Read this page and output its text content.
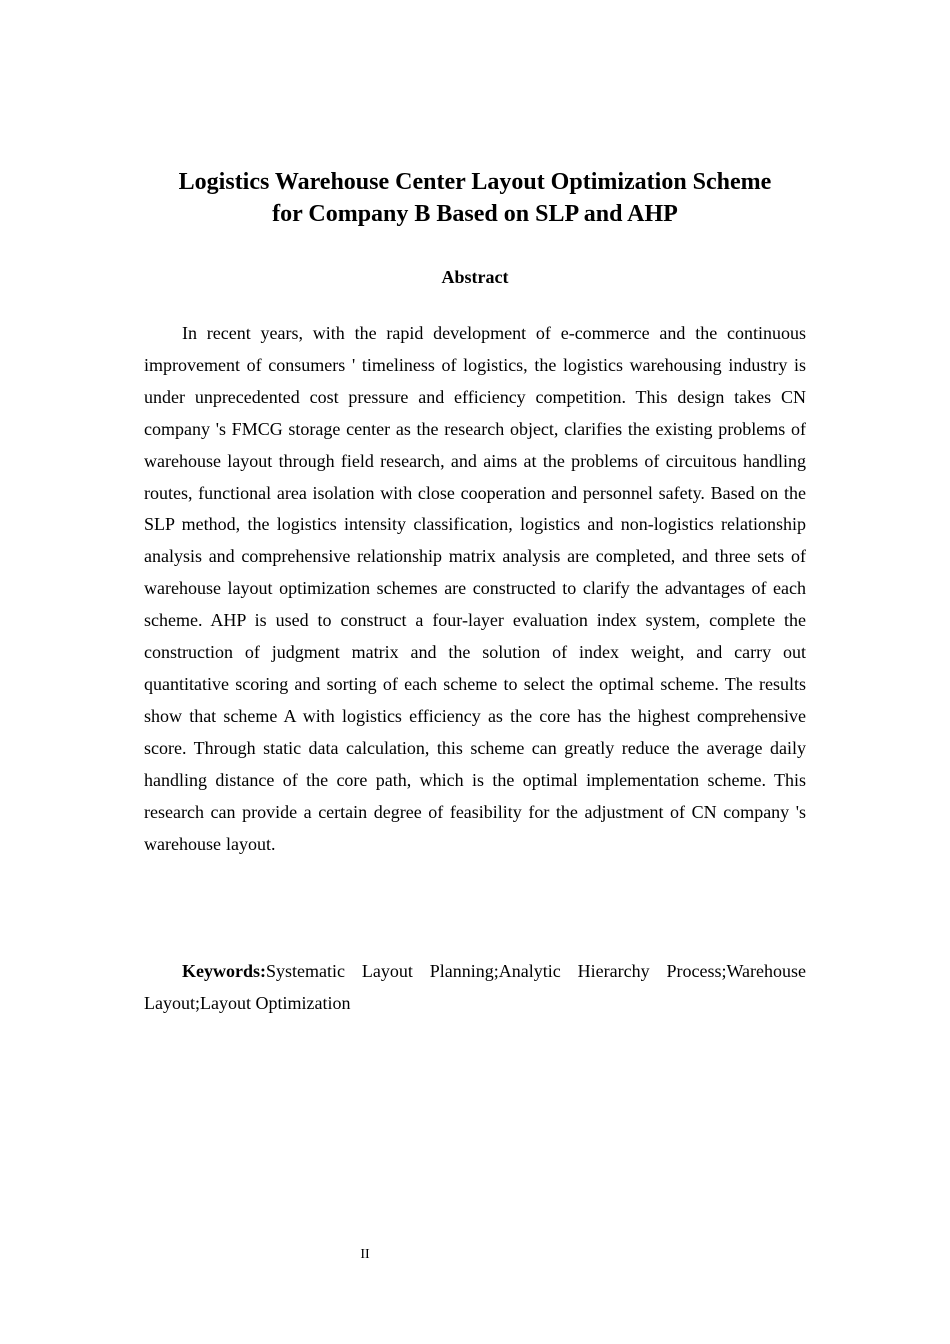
Logistics Warehouse Center Layout Optimization Scheme
for Company B Based on SLP and AHP
Abstract

In recent years, with the rapid development of e-commerce and the continuous improvement of consumers ' timeliness of logistics, the logistics warehousing industry is under unprecedented cost pressure and efficiency competition. This design takes CN company 's FMCG storage center as the research object, clarifies the existing problems of warehouse layout through field research, and aims at the problems of circuitous handling routes, functional area isolation with close cooperation and personnel safety. Based on the SLP method, the logistics intensity classification, logistics and non-logistics relationship analysis and comprehensive relationship matrix analysis are completed, and three sets of warehouse layout optimization schemes are constructed to clarify the advantages of each scheme. AHP is used to construct a four-layer evaluation index system, complete the construction of judgment matrix and the solution of index weight, and carry out quantitative scoring and sorting of each scheme to select the optimal scheme. The results show that scheme A with logistics efficiency as the core has the highest comprehensive score. Through static data calculation, this scheme can greatly reduce the average daily handling distance of the core path, which is the optimal implementation scheme. This research can provide a certain degree of feasibility for the adjustment of CN company 's warehouse layout.

Keywords:Systematic Layout Planning;Analytic Hierarchy Process;Warehouse Layout;Layout Optimization

II
